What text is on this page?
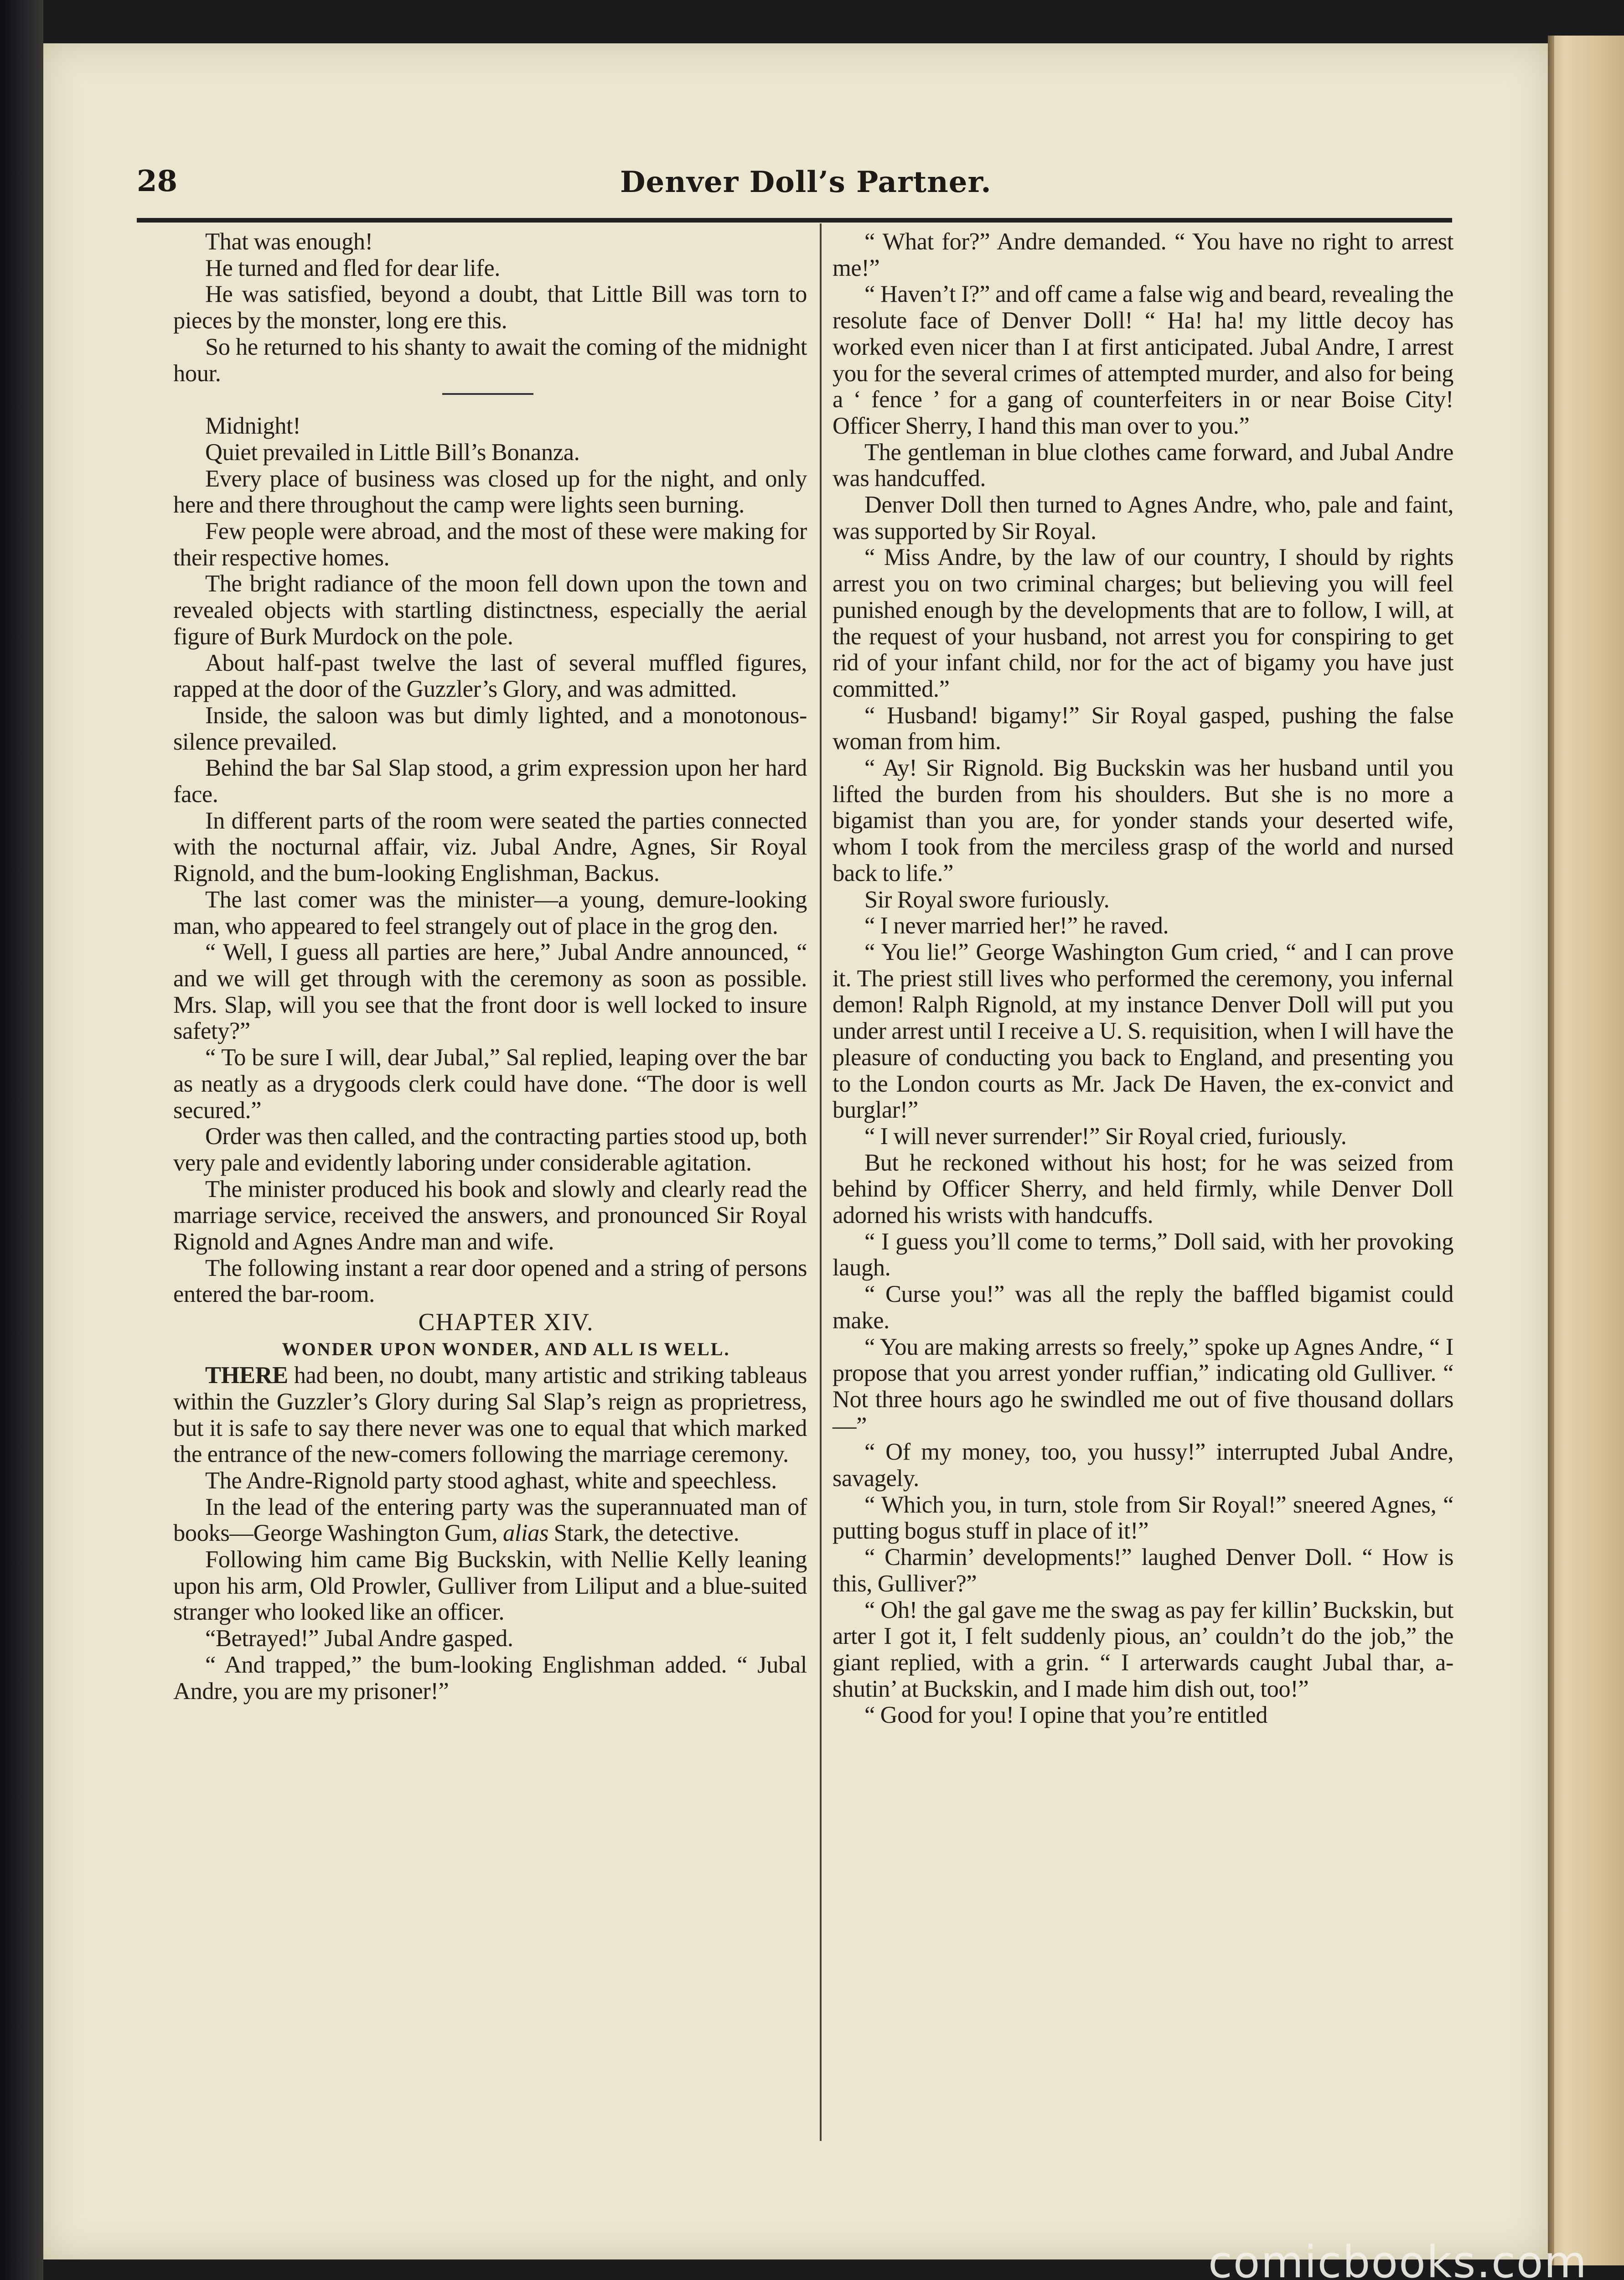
28	Denver Doll’s Partner.

That was enough!

He turned and fled for dear life.

He was satisfied, beyond a doubt, that Little Bill was torn to pieces by the monster, long ere this.

So he returned to his shanty to await the coming of the midnight hour.

Midnight!

Quiet prevailed in Little Bill’s Bonanza.

Every place of business was closed up for the night, and only here and there throughout the camp were lights seen burning.

Few people were abroad, and the most of these were making for their respective homes.

The bright radiance of the moon fell down upon the town and revealed objects with startling distinctness, especially the aerial figure of Burk Murdock on the pole.

About half-past twelve the last of several muffled figures, rapped at the door of the Guzzler’s Glory, and was admitted.

Inside, the saloon was but dimly lighted, and a monotonous-silence prevailed.

Behind the bar Sal Slap stood, a grim expression upon her hard face.

In different parts of the room were seated the parties connected with the nocturnal affair, viz. Jubal Andre, Agnes, Sir Royal Rignold, and the bum-looking Englishman, Backus.

The last comer was the minister—a young, demure-looking man, who appeared to feel strangely out of place in the grog den.

“ Well, I guess all parties are here,” Jubal Andre announced, “ and we will get through with the ceremony as soon as possible. Mrs. Slap, will you see that the front door is well locked to insure safety?”

“ To be sure I will, dear Jubal,” Sal replied, leaping over the bar as neatly as a drygoods clerk could have done. “The door is well secured.”

Order was then called, and the contracting parties stood up, both very pale and evidently laboring under considerable agitation.

The minister produced his book and slowly and clearly read the marriage service, received the answers, and pronounced Sir Royal Rignold and Agnes Andre man and wife.

The following instant a rear door opened and a string of persons entered the bar-room.

CHAPTER XIV.

WONDER UPON WONDER, AND ALL IS WELL.

THERE had been, no doubt, many artistic and striking tableaus within the Guzzler’s Glory during Sal Slap’s reign as proprietress, but it is safe to say there never was one to equal that which marked the entrance of the new-comers following the marriage ceremony.

The Andre-Rignold party stood aghast, white and speechless.

In the lead of the entering party was the superannuated man of books—George Washington Gum, alias Stark, the detective.

Following him came Big Buckskin, with Nellie Kelly leaning upon his arm, Old Prowler, Gulliver from Liliput and a blue-suited stranger who looked like an officer.

“Betrayed!” Jubal Andre gasped.

“ And trapped,” the bum-looking Englishman added. “ Jubal Andre, you are my prisoner!”

“ What for?” Andre demanded. “ You have no right to arrest me!”

“ Haven’t I?” and off came a false wig and beard, revealing the resolute face of Denver Doll! “ Ha! ha! my little decoy has worked even nicer than I at first anticipated. Jubal Andre, I arrest you for the several crimes of attempted murder, and also for being a ‘ fence ’ for a gang of counterfeiters in or near Boise City! Officer Sherry, I hand this man over to you.”

The gentleman in blue clothes came forward, and Jubal Andre was handcuffed.

Denver Doll then turned to Agnes Andre, who, pale and faint, was supported by Sir Royal.

“ Miss Andre, by the law of our country, I should by rights arrest you on two criminal charges; but believing you will feel punished enough by the developments that are to follow, I will, at the request of your husband, not arrest you for conspiring to get rid of your infant child, nor for the act of bigamy you have just committed.”

“ Husband! bigamy!” Sir Royal gasped, pushing the false woman from him.

“ Ay! Sir Rignold. Big Buckskin was her husband until you lifted the burden from his shoulders. But she is no more a bigamist than you are, for yonder stands your deserted wife, whom I took from the merciless grasp of the world and nursed back to life.”

Sir Royal swore furiously.

“ I never married her!” he raved.

“ You lie!” George Washington Gum cried, “ and I can prove it. The priest still lives who performed the ceremony, you infernal demon! Ralph Rignold, at my instance Denver Doll will put you under arrest until I receive a U. S. requisition, when I will have the pleasure of conducting you back to England, and presenting you to the London courts as Mr. Jack De Haven, the ex-convict and burglar!”

“ I will never surrender!” Sir Royal cried, furiously.

But he reckoned without his host; for he was seized from behind by Officer Sherry, and held firmly, while Denver Doll adorned his wrists with handcuffs.

“ I guess you’ll come to terms,” Doll said, with her provoking laugh.

“ Curse you!” was all the reply the baffled bigamist could make.

“ You are making arrests so freely,” spoke up Agnes Andre, “ I propose that you arrest yonder ruffian,” indicating old Gulliver. “ Not three hours ago he swindled me out of five thousand dollars—”

“ Of my money, too, you hussy!” interrupted Jubal Andre, savagely.

“ Which you, in turn, stole from Sir Royal!” sneered Agnes, “ putting bogus stuff in place of it!”

“ Charmin’ developments!” laughed Denver Doll. “ How is this, Gulliver?”

“ Oh! the gal gave me the swag as pay fer killin’ Buckskin, but arter I got it, I felt suddenly pious, an’ couldn’t do the job,” the giant replied, with a grin. “ I arterwards caught Jubal thar, a-shutin’ at Buckskin, and I made him dish out, too!”

“ Good for you! I opine that you’re entitled

comicbooks.com
